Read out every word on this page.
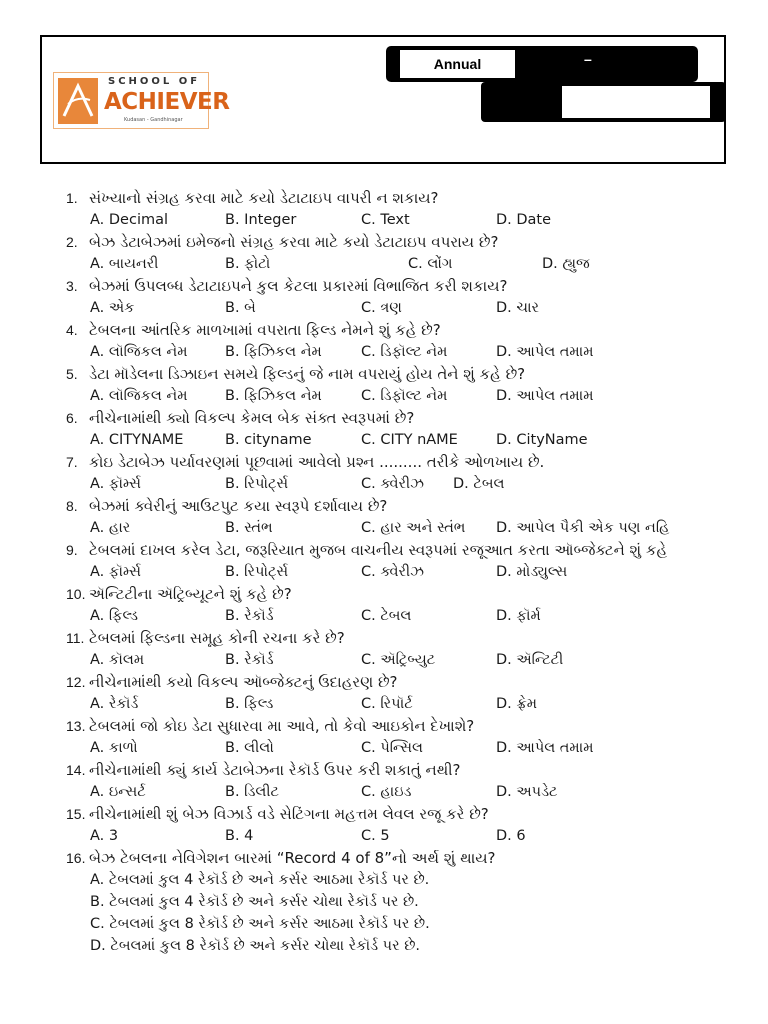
SCHOOL OF
ACHIEVER
Kudasan - Gandhinagar
Annual	–
1. સંખ્યાનો સંગ્રહ કરવા માટે કયો ડેટાટાઇપ વાપરી ન શકાય?
A. Decimal	B. Integer	C. Text	D. Date
2. બેઝ ડેટાબેઝમાં ઇમેજનો સંગ્રહ કરવા માટે કયો ડેટાટાઇપ વપરાય છે?
A. બાયનરી	B. ફોટો	C. લોંગ	D. હ્યુજ
3. બેઝમાં ઉપલબ્ધ ડેટાટાઇપને કુલ કેટલા પ્રકારમાં વિભાજિત કરી શકાય?
A. એક	B. બે	C. ત્રણ	D. ચાર
4. ટેબલના આંતરિક માળખામાં વપરાતા ફિલ્ડ નેમને શું કહે છે?
A. લૉજિકલ નેમ	B. ફિઝિકલ નેમ	C. ડિફૉલ્ટ નેમ	D. આપેલ તમામ
5. ડેટા મૉડેલના ડિઝાઇન સમયે ફિલ્ડનું જે નામ વપરાયું હોય તેને શું કહે છે?
A. લૉજિકલ નેમ	B. ફિઝિકલ નેમ	C. ડિફૉલ્ટ નેમ	D. આપેલ તમામ
6. નીચેનામાંથી ક્યો વિકલ્પ કેમલ બેક સંક્ત સ્વરૂપમાં છે?
A. CITYNAME	B. cityname	C. CITY nAME	D. CityName
7. કોઇ ડેટાબેઝ પર્યાવરણમાં પૂછવામાં આવેલો પ્રશ્ન ......... તરીકે ઓળખાય છે.
A. ફૉર્મ્સ	B. રિપોર્ટ્સ	C. ક્વેરીઝ D. ટેબલ
8. બેઝમાં ક્વેરીનું આઉટપુટ કયા સ્વરૂપે દર્શાવાય છે?
A. હાર	B. સ્તંભ	C. હાર અને સ્તંભ D. આપેલ પૈકી એક પણ નહિ
9. ટેબલમાં દાખલ કરેલ ડેટા, જરૂરિયાત મુજબ વાચનીય સ્વરૂપમાં રજૂઆત કરતા ઑબ્જેક્ટને શું કહે
A. ફૉર્મ્સ	B. રિપોર્ટ્સ	C. ક્વેરીઝ	D. મોડ્યુલ્સ
10. ઍન્ટિટીના ઍટ્રિબ્યૂટને શું કહે છે?
A. ફિલ્ડ	B. રેકૉર્ડ	C. ટેબલ	D. ફૉર્મ
11. ટેબલમાં ફિલ્ડના સમૂહ કોની રચના કરે છે?
A. કૉલમ	B. રેકૉર્ડ	C. ઍટ્રિબ્યુટ	D. ઍન્ટિટી
12. નીચેનામાંથી કયો વિકલ્પ ઑબ્જેક્ટનું ઉદાહરણ છે?
A. રેકૉર્ડ	B. ફિલ્ડ	C. રિપૉર્ટ	D. ફ્રેમ
13. ટેબલમાં જો કોઇ ડેટા સુધારવા મા આવે, તો કેવો આઇકોન દેખાશે?
A. કાળો	B. લીલો	C. પેન્સિલ	D. આપેલ તમામ
14. નીચેનામાંથી ક્યું કાર્ય ડેટાબેઝના રેકૉર્ડ ઉપર કરી શકાતું નથી?
A. ઇન્સર્ટ	B. ડિલીટ	C. હાઇડ	D. અપડેટ
15. નીચેનામાંથી શું બેઝ વિઝાર્ડ વડે સેટિંગના મહત્તમ લેવલ રજૂ કરે છે?
A. 3	B. 4	C. 5	D. 6
16. બેઝ ટેબલના નેવિગેશન બારમાં “Record 4 of 8”નો અર્થ શું થાય?
A. ટેબલમાં કુલ 4 રેકૉર્ડ છે અને કર્સર આઠમા રેકૉર્ડ પર છે.
B. ટેબલમાં કુલ 4 રેકૉર્ડ છે અને કર્સર ચોથા રેકૉર્ડ પર છે.
C. ટેબલમાં કુલ 8 રેકૉર્ડ છે અને કર્સર આઠમા રેકૉર્ડ પર છે.
D. ટેબલમાં કુલ 8 રેકૉર્ડ છે અને કર્સર ચોથા રેકૉર્ડ પર છે.
